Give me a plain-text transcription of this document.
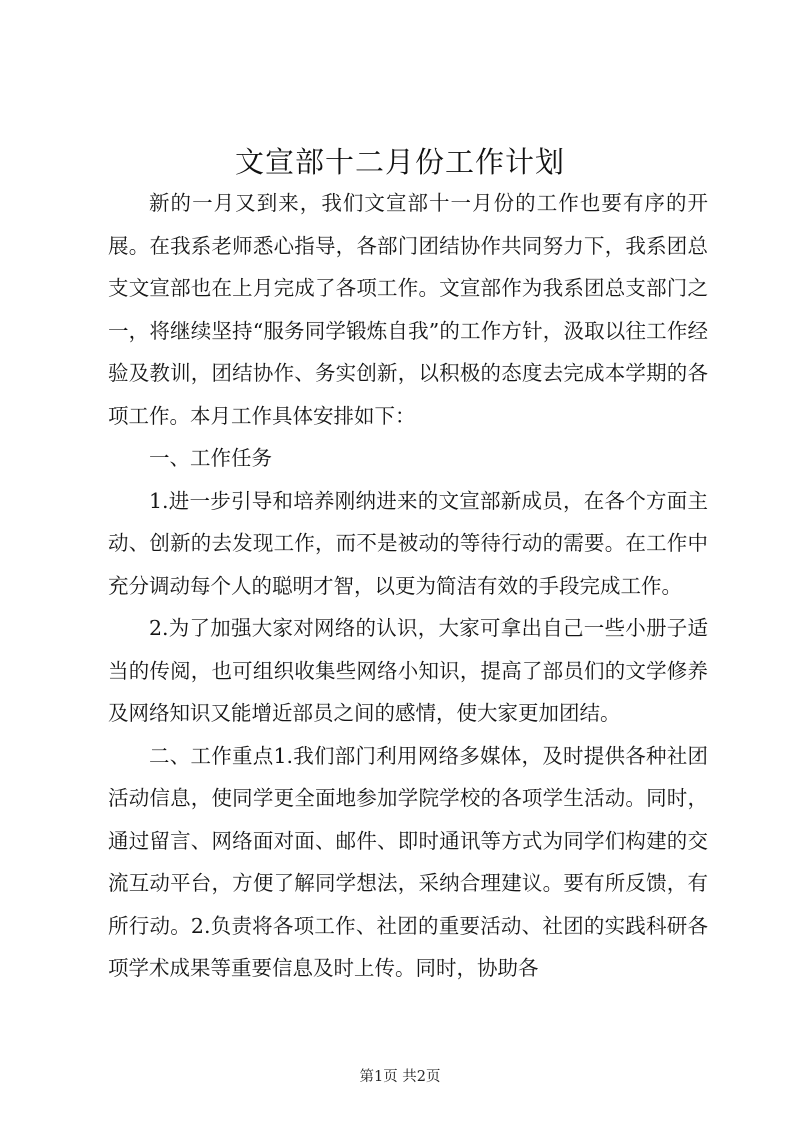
文宣部十二月份工作计划

新的一月又到来，我们文宣部十一月份的工作也要有序的开展。在我系老师悉心指导，各部门团结协作共同努力下，我系团总支文宣部也在上月完成了各项工作。文宣部作为我系团总支部门之一，将继续坚持“服务同学锻炼自我”的工作方针，汲取以往工作经验及教训，团结协作、务实创新，以积极的态度去完成本学期的各项工作。本月工作具体安排如下：

一、工作任务

1.进一步引导和培养刚纳进来的文宣部新成员，在各个方面主动、创新的去发现工作，而不是被动的等待行动的需要。在工作中充分调动每个人的聪明才智，以更为简洁有效的手段完成工作。

2.为了加强大家对网络的认识，大家可拿出自己一些小册子适当的传阅，也可组织收集些网络小知识，提高了部员们的文学修养及网络知识又能增近部员之间的感情，使大家更加团结。

二、工作重点1.我们部门利用网络多媒体，及时提供各种社团活动信息，使同学更全面地参加学院学校的各项学生活动。同时，通过留言、网络面对面、邮件、即时通讯等方式为同学们构建的交流互动平台，方便了解同学想法，采纳合理建议。要有所反馈，有所行动。2.负责将各项工作、社团的重要活动、社团的实践科研各项学术成果等重要信息及时上传。同时，协助各

第1页 共2页
